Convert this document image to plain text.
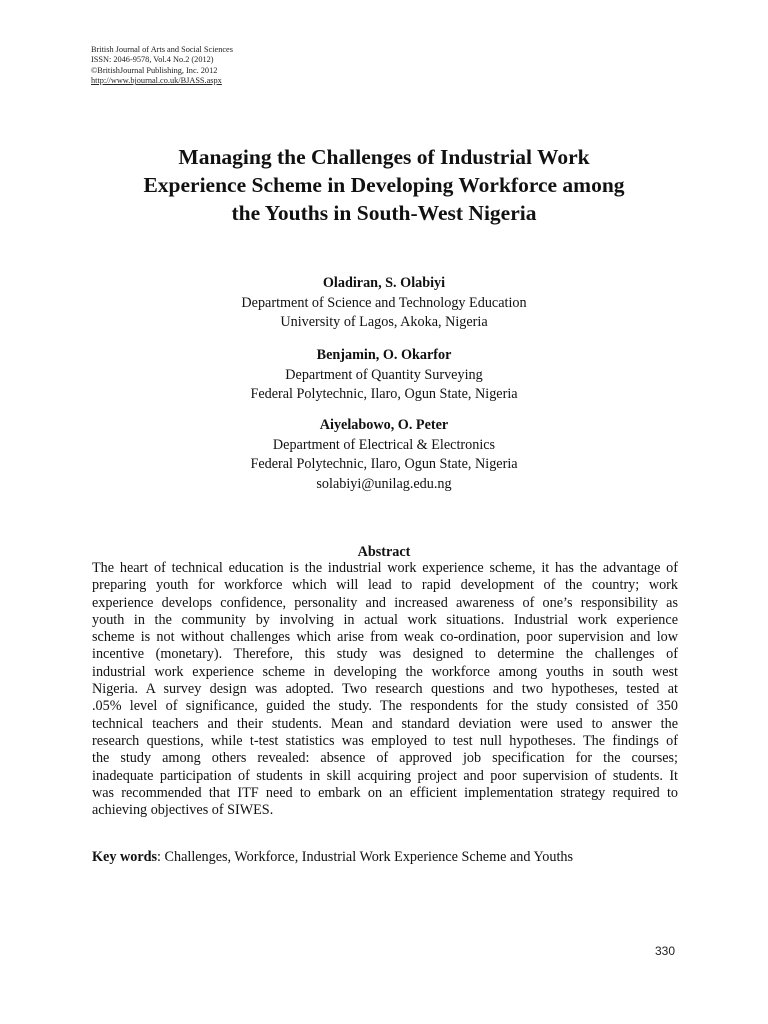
British Journal of Arts and Social Sciences
ISSN: 2046-9578, Vol.4 No.2 (2012)
©BritishJournal Publishing, Inc. 2012
http://www.bjournal.co.uk/BJASS.aspx
Managing the Challenges of Industrial Work
Experience Scheme in Developing Workforce among
the Youths in South-West Nigeria
Oladiran, S. Olabiyi
Department of Science and Technology Education
University of Lagos, Akoka, Nigeria
Benjamin, O. Okarfor
Department of Quantity Surveying
Federal Polytechnic, Ilaro, Ogun State, Nigeria
Aiyelabowo, O. Peter
Department of Electrical & Electronics
Federal Polytechnic, Ilaro, Ogun State, Nigeria
solabiyi@unilag.edu.ng
Abstract
The heart of technical education is the industrial work experience scheme, it has the advantage of
preparing youth for workforce which will lead to rapid development of the country; work
experience develops confidence, personality and increased awareness of one’s responsibility as
youth in the community by involving in actual work situations. Industrial work experience
scheme is not without challenges which arise from weak co-ordination, poor supervision and low
incentive (monetary). Therefore, this study was designed to determine the challenges of
industrial work experience scheme in developing the workforce among youths in south west
Nigeria. A survey design was adopted. Two research questions and two hypotheses, tested at
.05% level of significance, guided the study. The respondents for the study consisted of 350
technical teachers and their students. Mean and standard deviation were used to answer the
research questions, while t-test statistics was employed to test null hypotheses. The findings of
the study among others revealed: absence of approved job specification for the courses;
inadequate participation of students in skill acquiring project and poor supervision of students. It
was recommended that ITF need to embark on an efficient implementation strategy required to
achieving objectives of SIWES.
Key words: Challenges, Workforce, Industrial Work Experience Scheme and Youths
330
